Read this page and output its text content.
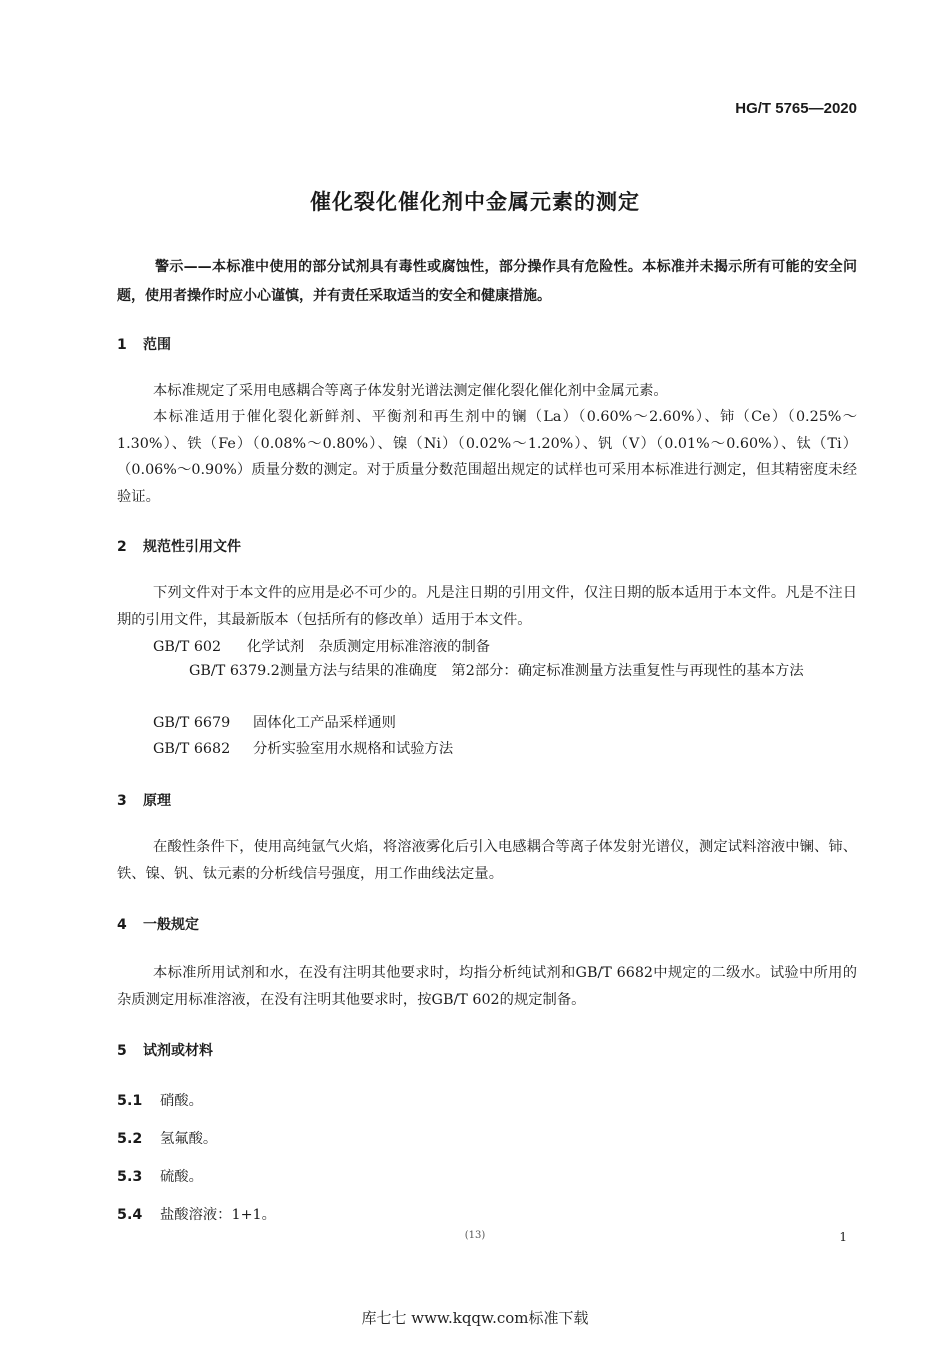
HG/T 5765—2020
催化裂化催化剂中金属元素的测定
警示——本标准中使用的部分试剂具有毒性或腐蚀性，部分操作具有危险性。本标准并未揭示所有可能的安全问题，使用者操作时应小心谨慎，并有责任采取适当的安全和健康措施。
1 范围
本标准规定了采用电感耦合等离子体发射光谱法测定催化裂化催化剂中金属元素。
本标准适用于催化裂化新鲜剂、平衡剂和再生剂中的镧（La）（0.60%～2.60%）、铈（Ce）（0.25%～1.30%）、铁（Fe）（0.08%～0.80%）、镍（Ni）（0.02%～1.20%）、钒（V）（0.01%～0.60%）、钛（Ti）（0.06%～0.90%）质量分数的测定。对于质量分数范围超出规定的试样也可采用本标准进行测定，但其精密度未经验证。
2 规范性引用文件
下列文件对于本文件的应用是必不可少的。凡是注日期的引用文件，仅注日期的版本适用于本文件。凡是不注日期的引用文件，其最新版本（包括所有的修改单）适用于本文件。
GB/T 602 化学试剂　杂质测定用标准溶液的制备
GB/T 6379.2测量方法与结果的准确度　第2部分：确定标准测量方法重复性与再现性的基本方法
GB/T 6679 固体化工产品采样通则
GB/T 6682 分析实验室用水规格和试验方法
3 原理
在酸性条件下，使用高纯氩气火焰，将溶液雾化后引入电感耦合等离子体发射光谱仪，测定试料溶液中镧、铈、铁、镍、钒、钛元素的分析线信号强度，用工作曲线法定量。
4 一般规定
本标准所用试剂和水，在没有注明其他要求时，均指分析纯试剂和GB/T 6682中规定的二级水。试验中所用的杂质测定用标准溶液，在没有注明其他要求时，按GB/T 602的规定制备。
5 试剂或材料
5.1 硝酸。
5.2 氢氟酸。
5.3 硫酸。
5.4 盐酸溶液：1+1。
(13)	1
库七七 www.kqqw.com标准下载
